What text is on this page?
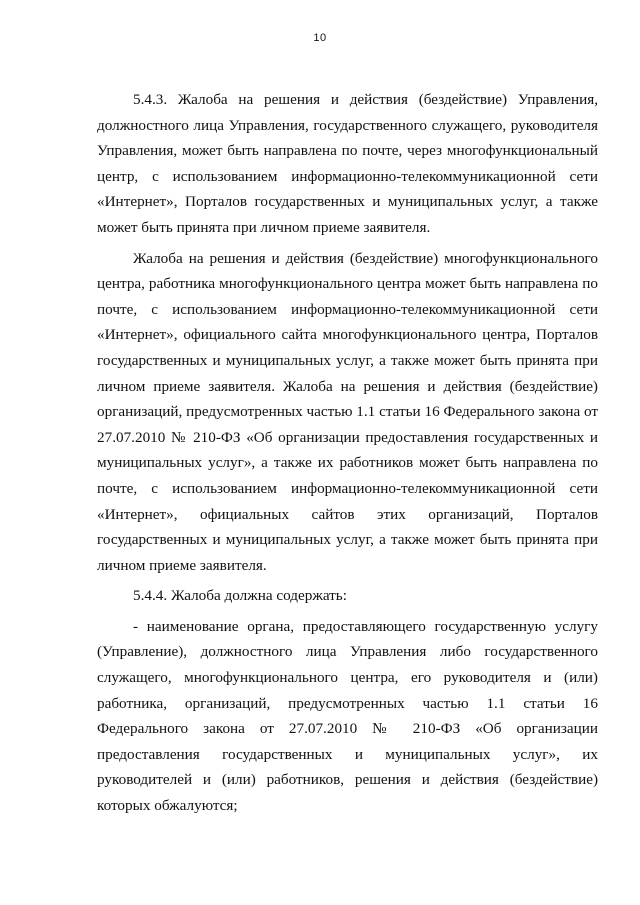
10
5.4.3. Жалоба на решения и действия (бездействие) Управления,
должностного лица Управления, государственного служащего, руководителя
Управления, может быть направлена по почте, через многофункциональный
центр, с использованием информационно-телекоммуникационной сети
«Интернет», Порталов государственных и муниципальных услуг, а также
может быть принята при личном приеме заявителя.
Жалоба на решения и действия (бездействие) многофункционального
центра, работника многофункционального центра может быть направлена по
почте, с использованием информационно-телекоммуникационной сети
«Интернет», официального сайта многофункционального центра, Порталов
государственных и муниципальных услуг, а также может быть принята при
личном приеме заявителя. Жалоба на решения и действия (бездействие)
организаций, предусмотренных частью 1.1 статьи 16 Федерального закона от
27.07.2010 № 210-ФЗ «Об организации предоставления государственных и
муниципальных услуг», а также их работников может быть направлена по
почте, с использованием информационно-телекоммуникационной сети
«Интернет», официальных сайтов этих организаций, Порталов
государственных и муниципальных услуг, а также может быть принята при
личном приеме заявителя.
5.4.4. Жалоба должна содержать:
- наименование органа, предоставляющего государственную услугу
(Управление), должностного лица Управления либо государственного
служащего, многофункционального центра, его руководителя и (или)
работника, организаций, предусмотренных частью 1.1 статьи 16
Федерального закона от 27.07.2010 № 210-ФЗ «Об организации
предоставления государственных и муниципальных услуг», их
руководителей и (или) работников, решения и действия (бездействие)
которых обжалуются;
